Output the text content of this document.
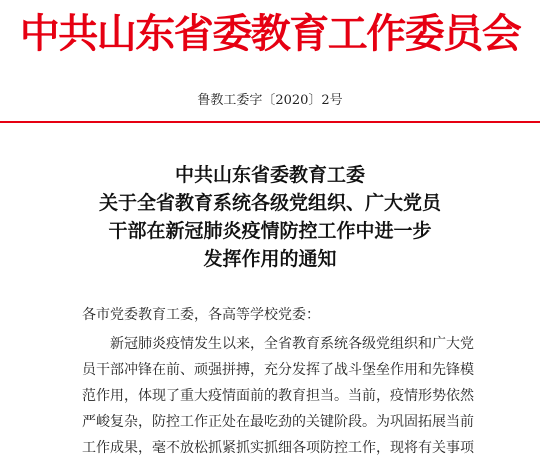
中共山东省委教育工作委员会
鲁教工委字〔2020〕2号
中共山东省委教育工委
关于全省教育系统各级党组织、广大党员
干部在新冠肺炎疫情防控工作中进一步
发挥作用的通知
各市党委教育工委，各高等学校党委：
新冠肺炎疫情发生以来，全省教育系统各级党组织和广大党
员干部冲锋在前、顽强拼搏，充分发挥了战斗堡垒作用和先锋模
范作用，体现了重大疫情面前的教育担当。当前，疫情形势依然
严峻复杂，防控工作正处在最吃劲的关键阶段。为巩固拓展当前
工作成果，毫不放松抓紧抓实抓细各项防控工作，现将有关事项
